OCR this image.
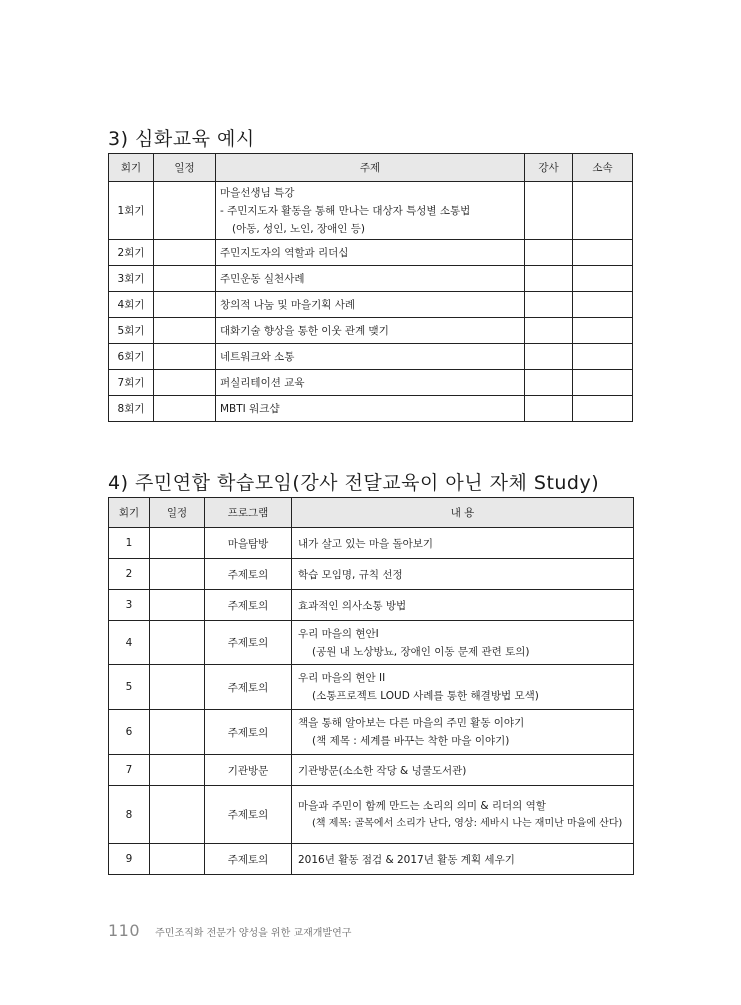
3) 심화교육 예시
회기	일정	주제	강사	소속
1회기		마을선생님 특강
- 주민지도자 활동을 통해 만나는 대상자 특성별 소통법
(아동, 성인, 노인, 장애인 등)		

2회기		주민지도자의 역할과 리더십		
3회기		주민운동 실천사례		
4회기		창의적 나눔 및 마을기획 사례		
5회기		대화기술 향상을 통한 이웃 관계 맺기		
6회기		네트워크와 소통		
7회기		퍼실리테이션 교육		
8회기		MBTI 워크샵		
4) 주민연합 학습모임(강사 전달교육이 아닌 자체 Study)
회기	일정	프로그램	내 용
1		마을탐방	내가 살고 있는 마을 돌아보기
2		주제토의	학습 모임명, 규칙 선정
3		주제토의	효과적인 의사소통 방법
4		주제토의	우리 마을의 현안I
(공원 내 노상방뇨, 장애인 이동 문제 관련 토의)

5		주제토의	우리 마을의 현안 II
(소통프로젝트 LOUD 사례를 통한 해결방법 모색)

6		주제토의	책을 통해 알아보는 다른 마을의 주민 활동 이야기
(책 제목 : 세계를 바꾸는 착한 마을 이야기)

7		기관방문	기관방문(소소한 작당 & 넝쿨도서관)
8		주제토의	마을과 주민이 함께 만드는 소리의 의미 & 리더의 역할
(책 제목: 골목에서 소리가 난다, 영상: 세바시 나는 재미난 마을에 산다)

9		주제토의	2016년 활동 점검 & 2017년 활동 계획 세우기
110 주민조직화 전문가 양성을 위한 교재개발연구
